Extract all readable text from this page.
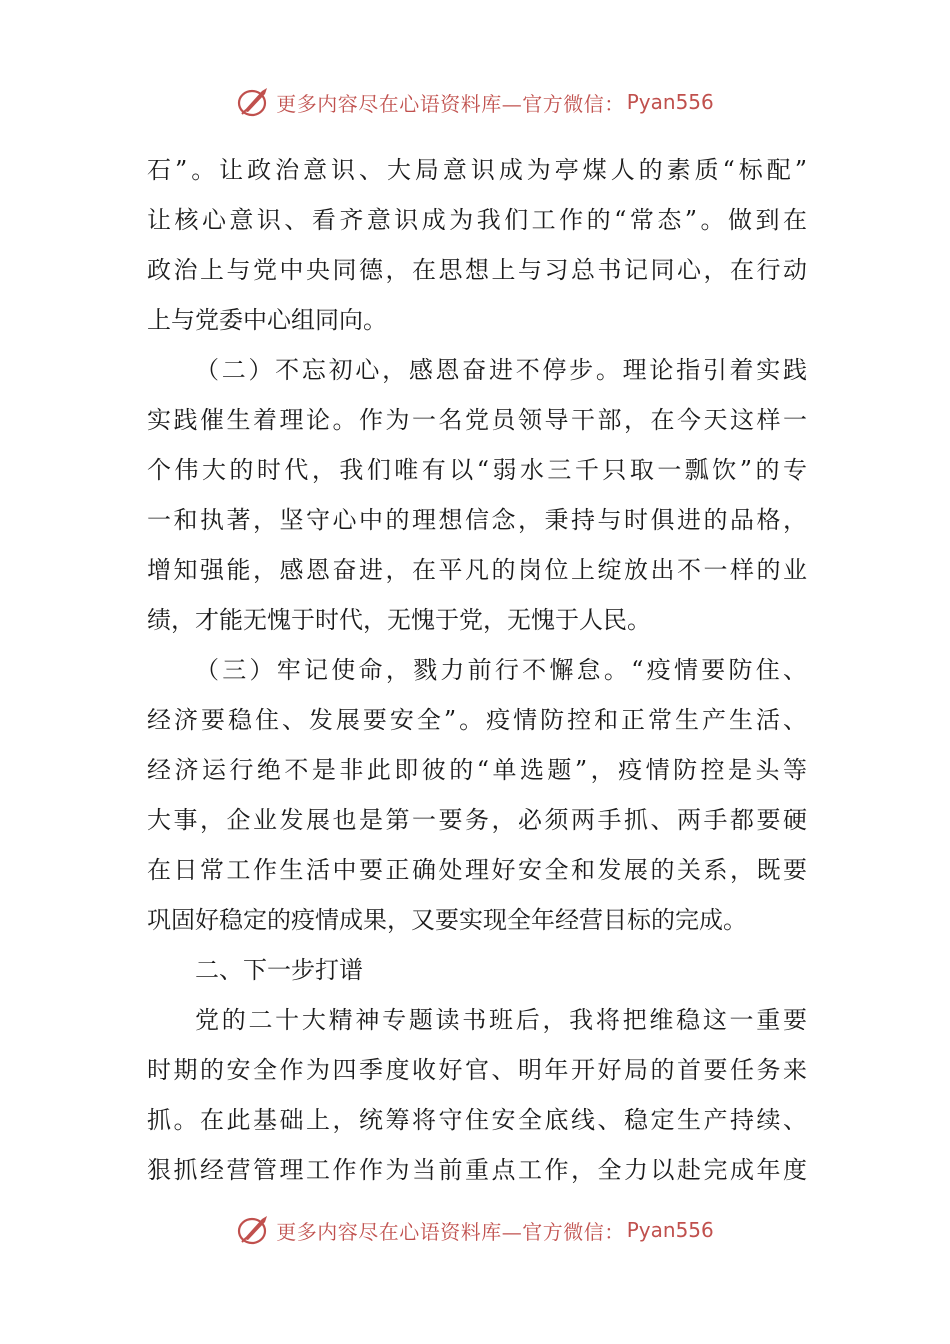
更多内容尽在心语资料库—官方微信： Pyan556
石”。让政治意识、大局意识成为亭煤人的素质“标配”
让核心意识、看齐意识成为我们工作的“常态”。做到在
政治上与党中央同德，在思想上与习总书记同心，在行动
上与党委中心组同向。
（二）不忘初心，感恩奋进不停步。理论指引着实践
实践催生着理论。作为一名党员领导干部，在今天这样一
个伟大的时代，我们唯有以“弱水三千只取一瓢饮”的专
一和执著，坚守心中的理想信念，秉持与时俱进的品格，
增知强能，感恩奋进，在平凡的岗位上绽放出不一样的业
绩，才能无愧于时代，无愧于党，无愧于人民。
（三）牢记使命，戮力前行不懈怠。“疫情要防住、
经济要稳住、发展要安全”。疫情防控和正常生产生活、
经济运行绝不是非此即彼的“单选题”，疫情防控是头等
大事，企业发展也是第一要务，必须两手抓、两手都要硬
在日常工作生活中要正确处理好安全和发展的关系，既要
巩固好稳定的疫情成果，又要实现全年经营目标的完成。
二、下一步打谱
党的二十大精神专题读书班后，我将把维稳这一重要
时期的安全作为四季度收好官、明年开好局的首要任务来
抓。在此基础上，统筹将守住安全底线、稳定生产持续、
狠抓经营管理工作作为当前重点工作，全力以赴完成年度
更多内容尽在心语资料库—官方微信： Pyan556
